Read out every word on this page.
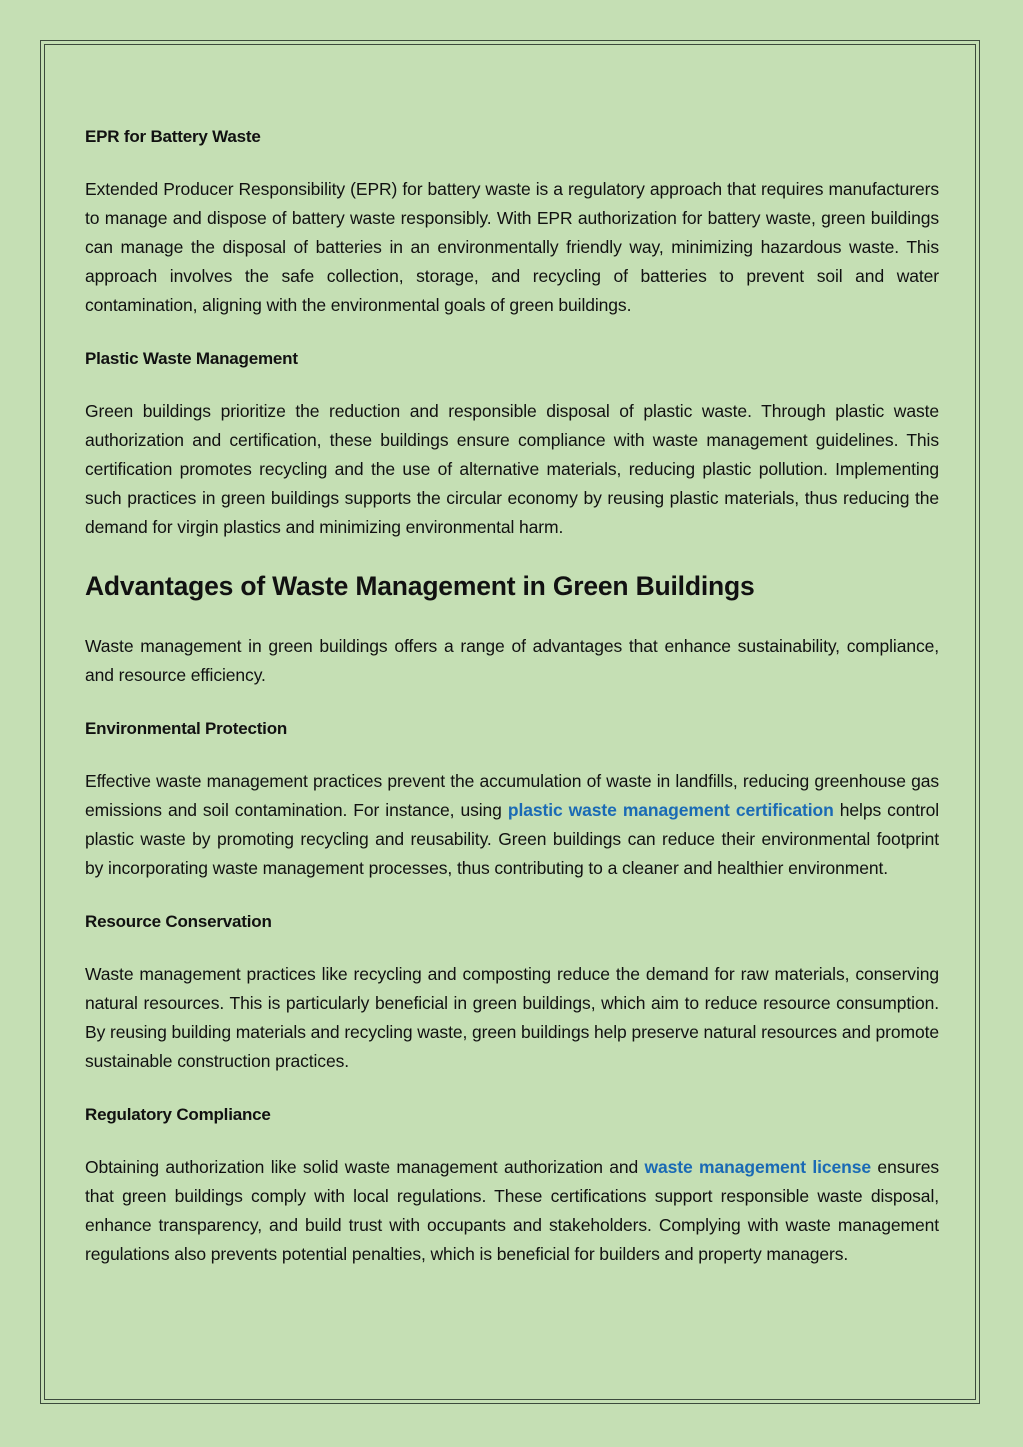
EPR for Battery Waste

Extended Producer Responsibility (EPR) for battery waste is a regulatory approach that requires manufacturers to manage and dispose of battery waste responsibly. With EPR authorization for battery waste, green buildings can manage the disposal of batteries in an environmentally friendly way, minimizing hazardous waste. This approach involves the safe collection, storage, and recycling of batteries to prevent soil and water contamination, aligning with the environmental goals of green buildings.

Plastic Waste Management

Green buildings prioritize the reduction and responsible disposal of plastic waste. Through plastic waste authorization and certification, these buildings ensure compliance with waste management guidelines. This certification promotes recycling and the use of alternative materials, reducing plastic pollution. Implementing such practices in green buildings supports the circular economy by reusing plastic materials, thus reducing the demand for virgin plastics and minimizing environmental harm.

Advantages of Waste Management in Green Buildings

Waste management in green buildings offers a range of advantages that enhance sustainability, compliance, and resource efficiency.

Environmental Protection

Effective waste management practices prevent the accumulation of waste in landfills, reducing greenhouse gas emissions and soil contamination. For instance, using plastic waste management certification helps control plastic waste by promoting recycling and reusability. Green buildings can reduce their environmental footprint by incorporating waste management processes, thus contributing to a cleaner and healthier environment.

Resource Conservation

Waste management practices like recycling and composting reduce the demand for raw materials, conserving natural resources. This is particularly beneficial in green buildings, which aim to reduce resource consumption. By reusing building materials and recycling waste, green buildings help preserve natural resources and promote sustainable construction practices.

Regulatory Compliance

Obtaining authorization like solid waste management authorization and waste management license ensures that green buildings comply with local regulations. These certifications support responsible waste disposal, enhance transparency, and build trust with occupants and stakeholders. Complying with waste management regulations also prevents potential penalties, which is beneficial for builders and property managers.
